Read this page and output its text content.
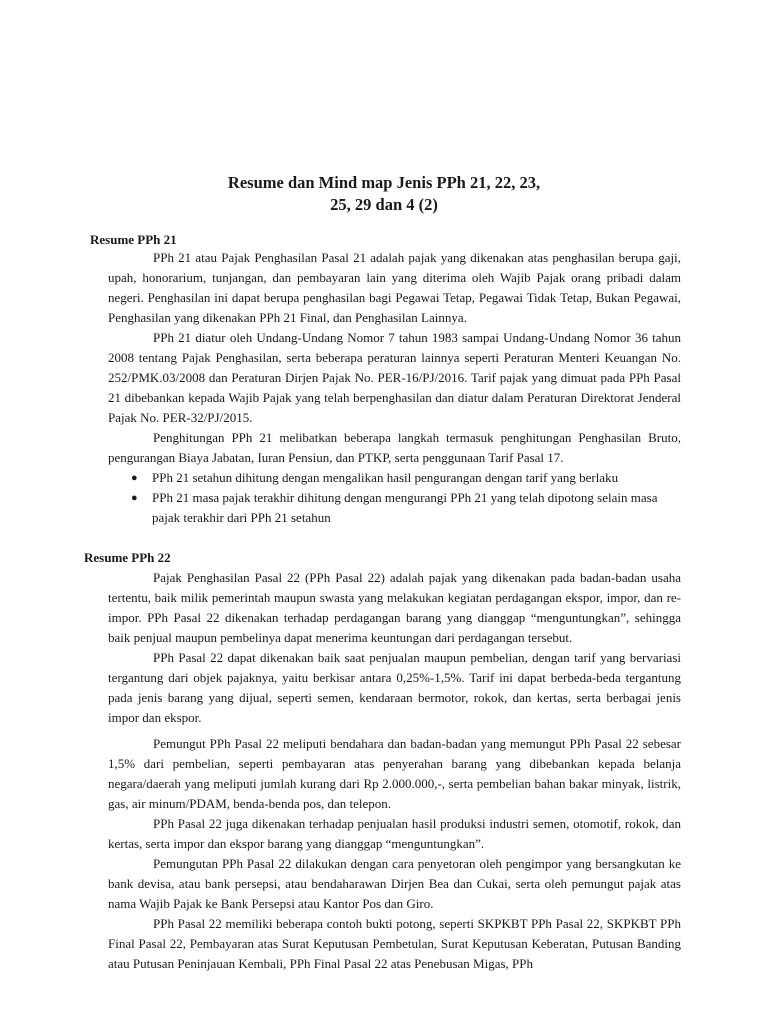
Resume dan Mind map Jenis PPh 21, 22, 23,
25, 29 dan 4 (2)
Resume PPh 21

PPh 21 atau Pajak Penghasilan Pasal 21 adalah pajak yang dikenakan atas penghasilan berupa gaji, upah, honorarium, tunjangan, dan pembayaran lain yang diterima oleh Wajib Pajak orang pribadi dalam negeri. Penghasilan ini dapat berupa penghasilan bagi Pegawai Tetap, Pegawai Tidak Tetap, Bukan Pegawai, Penghasilan yang dikenakan PPh 21 Final, dan Penghasilan Lainnya.

PPh 21 diatur oleh Undang-Undang Nomor 7 tahun 1983 sampai Undang-Undang Nomor 36 tahun 2008 tentang Pajak Penghasilan, serta beberapa peraturan lainnya seperti Peraturan Menteri Keuangan No. 252/PMK.03/2008 dan Peraturan Dirjen Pajak No. PER-16/PJ/2016. Tarif pajak yang dimuat pada PPh Pasal 21 dibebankan kepada Wajib Pajak yang telah berpenghasilan dan diatur dalam Peraturan Direktorat Jenderal Pajak No. PER-32/PJ/2015.

Penghitungan PPh 21 melibatkan beberapa langkah termasuk penghitungan Penghasilan Bruto, pengurangan Biaya Jabatan, Iuran Pensiun, dan PTKP, serta penggunaan Tarif Pasal 17.

● PPh 21 setahun dihitung dengan mengalikan hasil pengurangan dengan tarif yang berlaku
● PPh 21 masa pajak terakhir dihitung dengan mengurangi PPh 21 yang telah dipotong selain masa pajak terakhir dari PPh 21 setahun
Resume PPh 22

Pajak Penghasilan Pasal 22 (PPh Pasal 22) adalah pajak yang dikenakan pada badan-badan usaha tertentu, baik milik pemerintah maupun swasta yang melakukan kegiatan perdagangan ekspor, impor, dan re-impor. PPh Pasal 22 dikenakan terhadap perdagangan barang yang dianggap “menguntungkan”, sehingga baik penjual maupun pembelinya dapat menerima keuntungan dari perdagangan tersebut.

PPh Pasal 22 dapat dikenakan baik saat penjualan maupun pembelian, dengan tarif yang bervariasi tergantung dari objek pajaknya, yaitu berkisar antara 0,25%-1,5%. Tarif ini dapat berbeda-beda tergantung pada jenis barang yang dijual, seperti semen, kendaraan bermotor, rokok, dan kertas, serta berbagai jenis impor dan ekspor.

Pemungut PPh Pasal 22 meliputi bendahara dan badan-badan yang memungut PPh Pasal 22 sebesar 1,5% dari pembelian, seperti pembayaran atas penyerahan barang yang dibebankan kepada belanja negara/daerah yang meliputi jumlah kurang dari Rp 2.000.000,-, serta pembelian bahan bakar minyak, listrik, gas, air minum/PDAM, benda-benda pos, dan telepon.

PPh Pasal 22 juga dikenakan terhadap penjualan hasil produksi industri semen, otomotif, rokok, dan kertas, serta impor dan ekspor barang yang dianggap “menguntungkan”.

Pemungutan PPh Pasal 22 dilakukan dengan cara penyetoran oleh pengimpor yang bersangkutan ke bank devisa, atau bank persepsi, atau bendaharawan Dirjen Bea dan Cukai, serta oleh pemungut pajak atas nama Wajib Pajak ke Bank Persepsi atau Kantor Pos dan Giro.

PPh Pasal 22 memiliki beberapa contoh bukti potong, seperti SKPKBT PPh Pasal 22, SKPKBT PPh Final Pasal 22, Pembayaran atas Surat Keputusan Pembetulan, Surat Keputusan Keberatan, Putusan Banding atau Putusan Peninjauan Kembali, PPh Final Pasal 22 atas Penebusan Migas, PPh
